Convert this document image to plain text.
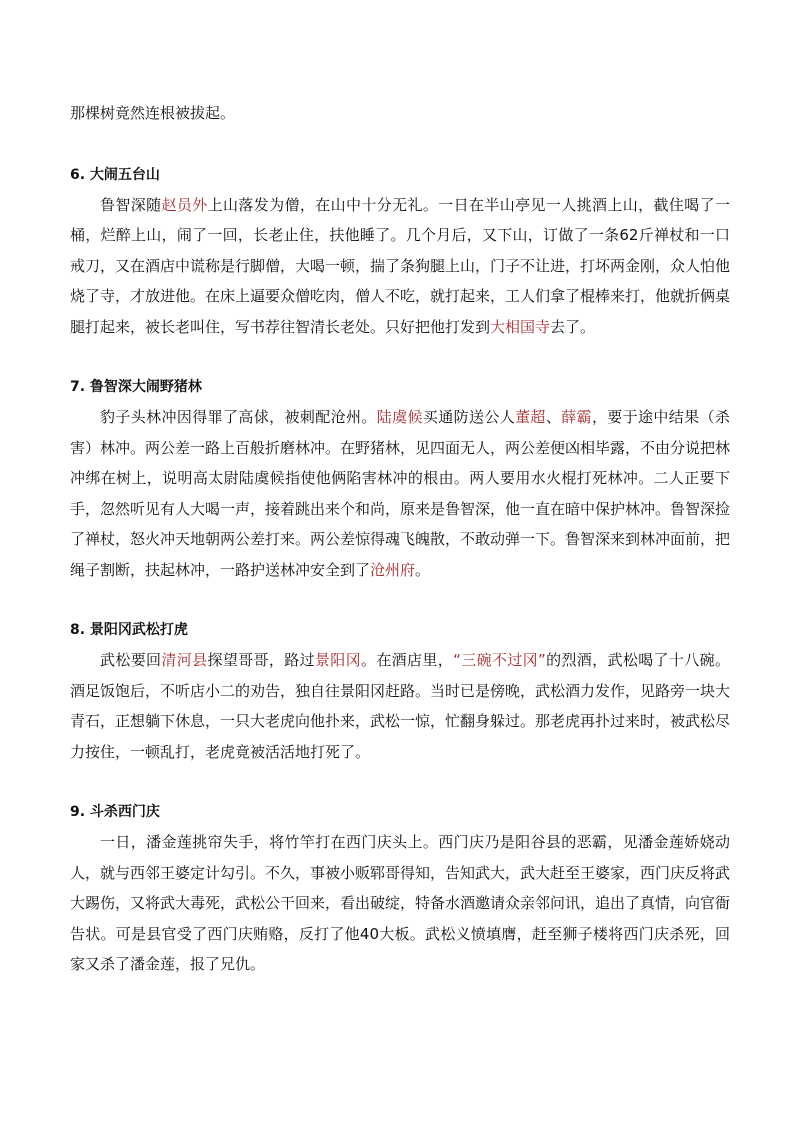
那棵树竟然连根被拔起。

6. 大闹五台山

鲁智深随赵员外上山落发为僧，在山中十分无礼。一日在半山亭见一人挑酒上山，截住喝了一桶，烂醉上山，闹了一回，长老止住，扶他睡了。几个月后，又下山，订做了一条62斤禅杖和一口戒刀，又在酒店中谎称是行脚僧，大喝一顿，揣了条狗腿上山，门子不让进，打坏两金刚，众人怕他烧了寺，才放进他。在床上逼要众僧吃肉，僧人不吃，就打起来，工人们拿了棍棒来打，他就折俩桌腿打起来，被长老叫住，写书荐往智清长老处。只好把他打发到大相国寺去了。

7. 鲁智深大闹野猪林

豹子头林冲因得罪了高俅，被刺配沧州。陆虞候买通防送公人董超、薛霸，要于途中结果（杀害）林冲。两公差一路上百般折磨林冲。在野猪林，见四面无人，两公差便凶相毕露，不由分说把林冲绑在树上，说明高太尉陆虞候指使他俩陷害林冲的根由。两人要用水火棍打死林冲。二人正要下手，忽然听见有人大喝一声，接着跳出来个和尚，原来是鲁智深，他一直在暗中保护林冲。鲁智深捡了禅杖，怒火冲天地朝两公差打来。两公差惊得魂飞魄散，不敢动弹一下。鲁智深来到林冲面前，把绳子割断，扶起林冲，一路护送林冲安全到了沧州府。

8. 景阳冈武松打虎

武松要回清河县探望哥哥，路过景阳冈。在酒店里，“三碗不过冈”的烈酒，武松喝了十八碗。酒足饭饱后，不听店小二的劝告，独自往景阳冈赶路。当时已是傍晚，武松酒力发作，见路旁一块大青石，正想躺下休息，一只大老虎向他扑来，武松一惊，忙翻身躲过。那老虎再扑过来时，被武松尽力按住，一顿乱打，老虎竟被活活地打死了。

9. 斗杀西门庆

一日，潘金莲挑帘失手，将竹竿打在西门庆头上。西门庆乃是阳谷县的恶霸，见潘金莲娇娆动人，就与西邻王婆定计勾引。不久，事被小贩郓哥得知，告知武大，武大赶至王婆家，西门庆反将武大踢伤，又将武大毒死，武松公干回来，看出破绽，特备水酒邀请众亲邻问讯，追出了真情，向官衙告状。可是县官受了西门庆贿赂，反打了他40大板。武松义愤填膺，赶至狮子楼将西门庆杀死，回家又杀了潘金莲，报了兄仇。
